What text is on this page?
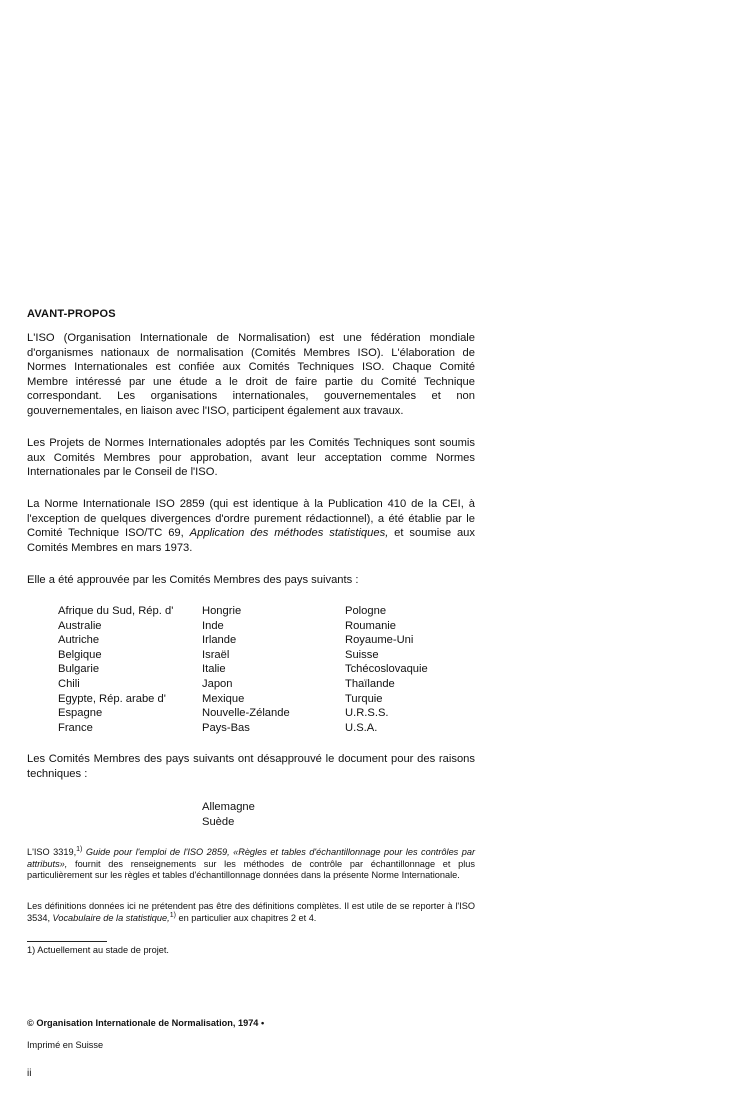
AVANT-PROPOS

L'ISO (Organisation Internationale de Normalisation) est une fédération mondiale d'organismes nationaux de normalisation (Comités Membres ISO). L'élaboration de Normes Internationales est confiée aux Comités Techniques ISO. Chaque Comité Membre intéressé par une étude a le droit de faire partie du Comité Technique correspondant. Les organisations internationales, gouvernementales et non gouvernementales, en liaison avec l'ISO, participent également aux travaux.

Les Projets de Normes Internationales adoptés par les Comités Techniques sont soumis aux Comités Membres pour approbation, avant leur acceptation comme Normes Internationales par le Conseil de l'ISO.

La Norme Internationale ISO 2859 (qui est identique à la Publication 410 de la CEI, à l'exception de quelques divergences d'ordre purement rédactionnel), a été établie par le Comité Technique ISO/TC 69, Application des méthodes statistiques, et soumise aux Comités Membres en mars 1973.

Elle a été approuvée par les Comités Membres des pays suivants :

Afrique du Sud, Rép. d'
Australie
Autriche
Belgique
Bulgarie
Chili
Egypte, Rép. arabe d'
Espagne
France
Hongrie
Inde
Irlande
Israël
Italie
Japon
Mexique
Nouvelle-Zélande
Pays-Bas
Pologne
Roumanie
Royaume-Uni
Suisse
Tchécoslovaquie
Thaïlande
Turquie
U.R.S.S.
U.S.A.

Les Comités Membres des pays suivants ont désapprouvé le document pour des raisons techniques :

Allemagne
Suède

L'ISO 3319,$^{1)}$ Guide pour l'emploi de l'ISO 2859, «Règles et tables d'échantillonnage pour les contrôles par attributs», fournit des renseignements sur les méthodes de contrôle par échantillonnage et plus particulièrement sur les règles et tables d'échantillonnage données dans la présente Norme Internationale.

Les définitions données ici ne prétendent pas être des définitions complètes. Il est utile de se reporter à l'ISO 3534, Vocabulaire de la statistique,$^{1)}$ en particulier aux chapitres 2 et 4.

1) Actuellement au stade de projet.

© Organisation Internationale de Normalisation, 1974 •

Imprimé en Suisse

ii
